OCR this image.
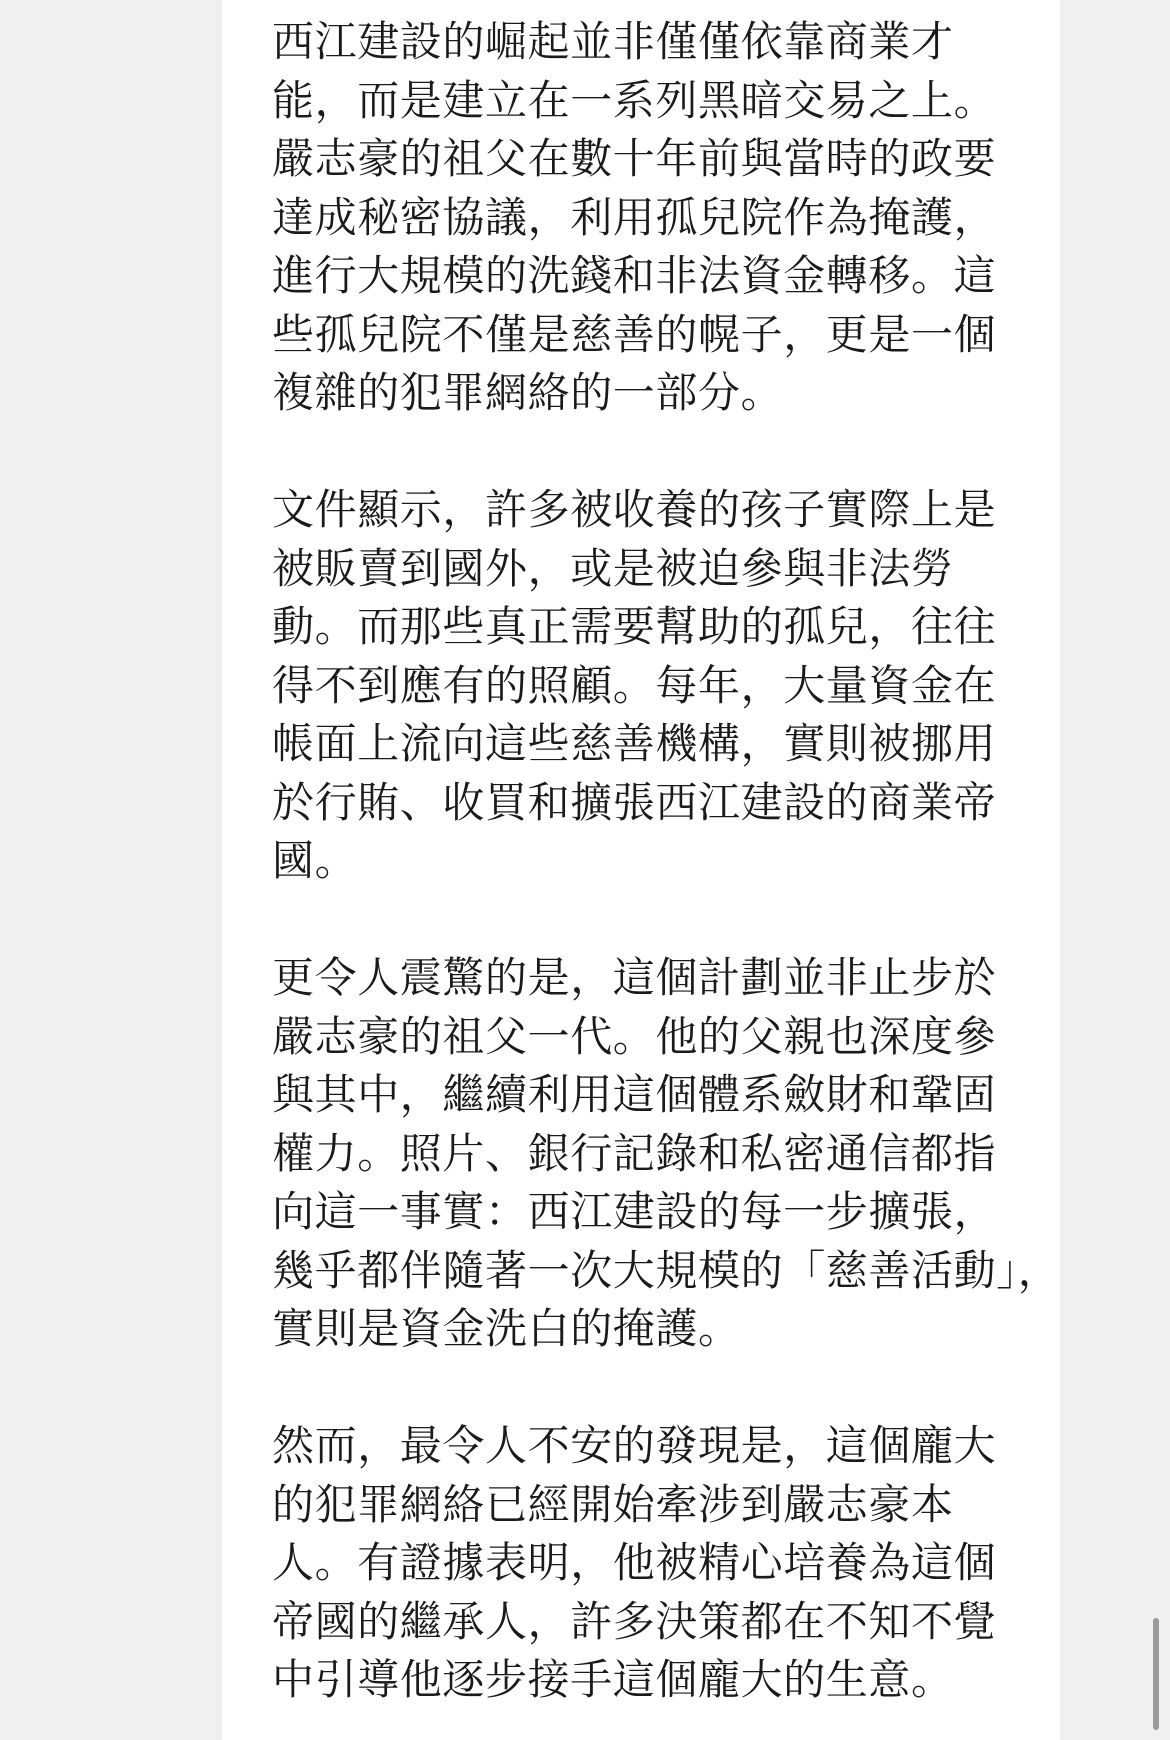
西江建設的崛起並非僅僅依靠商業才
能，而是建立在一系列黑暗交易之上。
嚴志豪的祖父在數十年前與當時的政要
達成秘密協議，利用孤兒院作為掩護，
進行大規模的洗錢和非法資金轉移。這
些孤兒院不僅是慈善的幌子，更是一個
複雜的犯罪網絡的一部分。

文件顯示，許多被收養的孩子實際上是
被販賣到國外，或是被迫參與非法勞
動。而那些真正需要幫助的孤兒，往往
得不到應有的照顧。每年，大量資金在
帳面上流向這些慈善機構，實則被挪用
於行賄、收買和擴張西江建設的商業帝
國。

更令人震驚的是，這個計劃並非止步於
嚴志豪的祖父一代。他的父親也深度參
與其中，繼續利用這個體系斂財和鞏固
權力。照片、銀行記錄和私密通信都指
向這一事實：西江建設的每一步擴張，
幾乎都伴隨著一次大規模的「慈善活動」，
實則是資金洗白的掩護。

然而，最令人不安的發現是，這個龐大
的犯罪網絡已經開始牽涉到嚴志豪本
人。有證據表明，他被精心培養為這個
帝國的繼承人，許多決策都在不知不覺
中引導他逐步接手這個龐大的生意。
